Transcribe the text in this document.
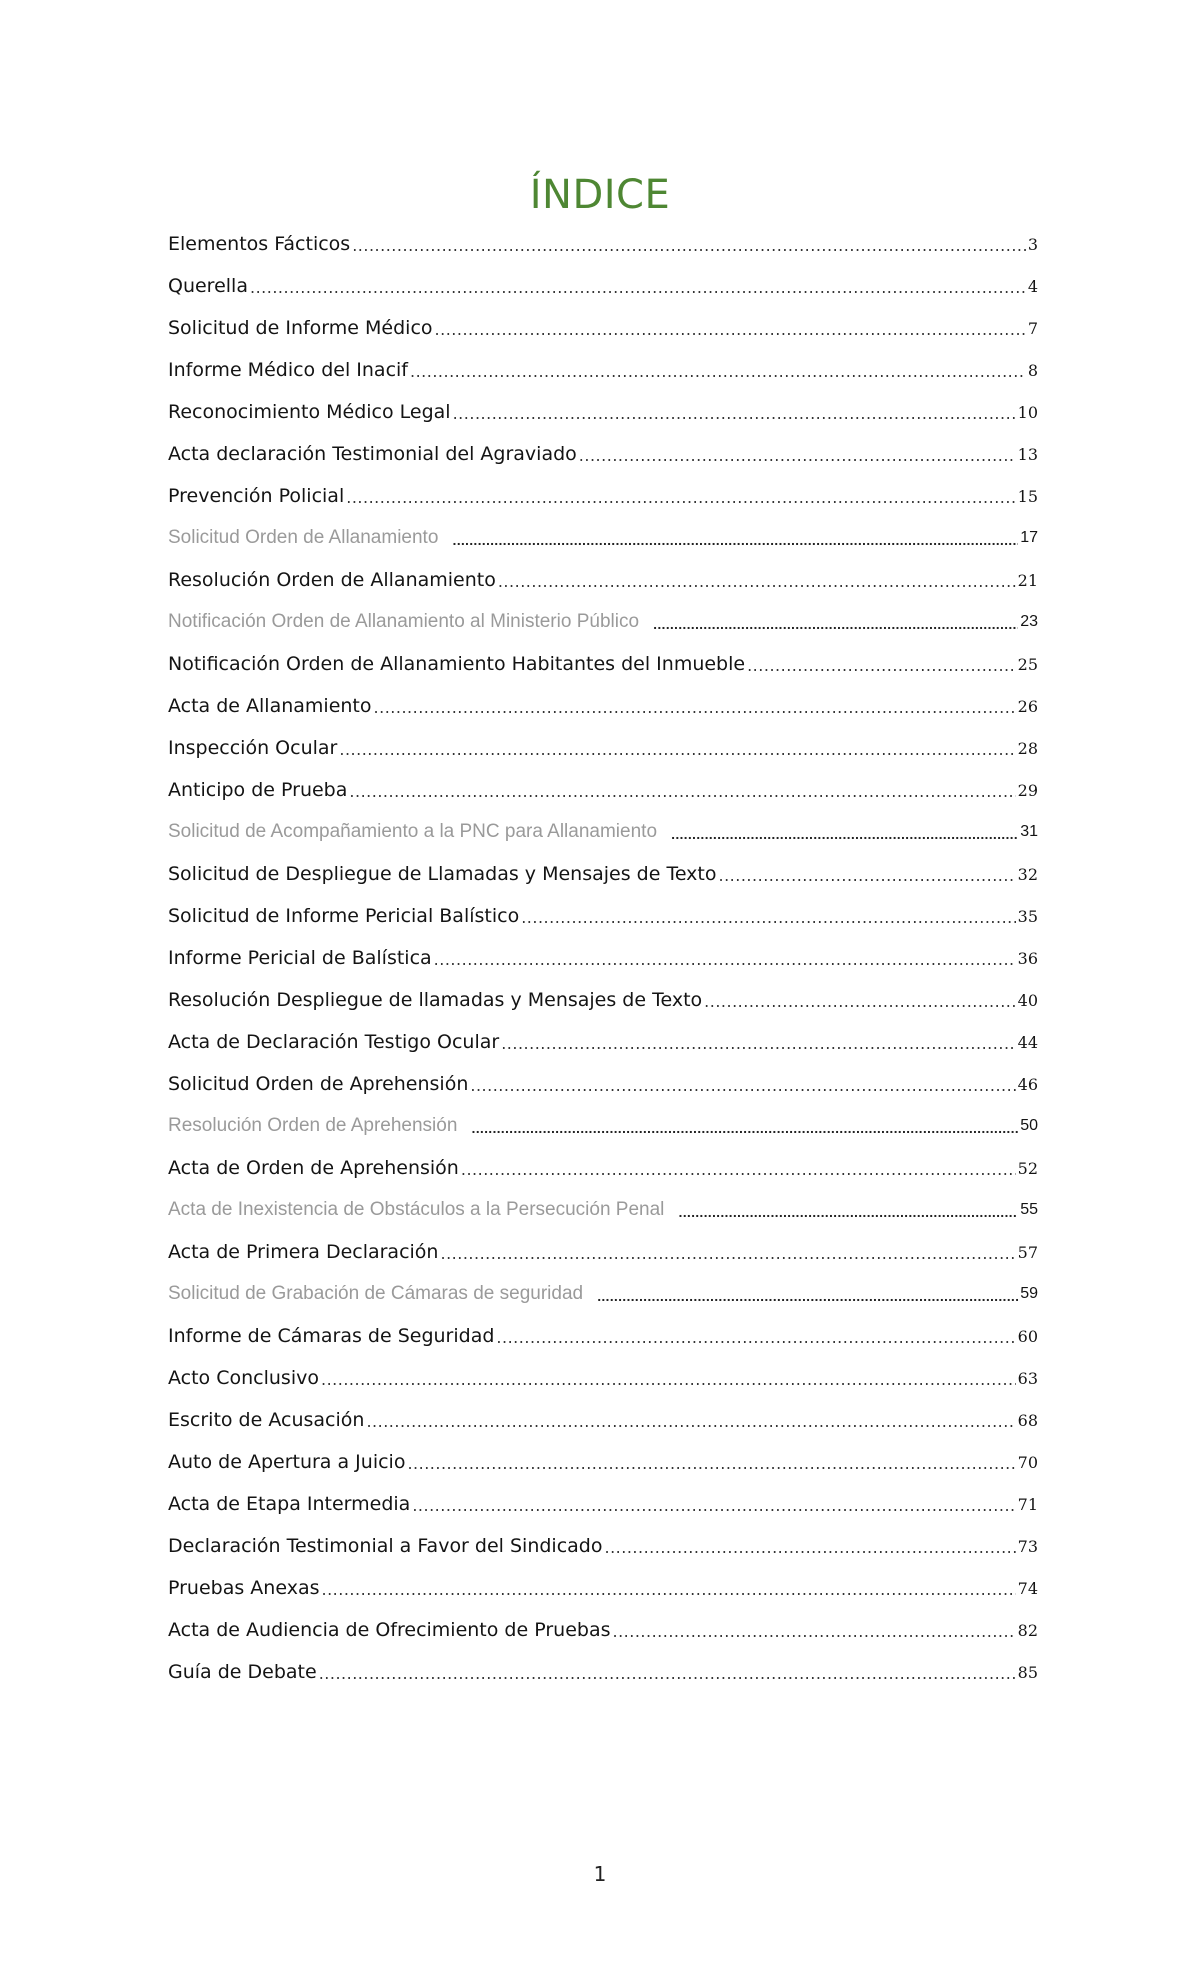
ÍNDICE
Elementos Fácticos .....	3
Querella .....	4
Solicitud de Informe Médico .....	7
Informe Médico del Inacif .....	8
Reconocimiento Médico Legal .....	10
Acta declaración Testimonial del Agraviado .....	13
Prevención Policial .....	15
Solicitud Orden de Allanamiento .....	17
Resolución Orden de Allanamiento .....	21
Notificación Orden de Allanamiento al Ministerio Público .....	23
Notificación Orden de Allanamiento Habitantes del Inmueble .....	25
Acta de Allanamiento .....	26
Inspección Ocular .....	28
Anticipo de Prueba .....	29
Solicitud de Acompañamiento a la PNC para Allanamiento .....	31
Solicitud de Despliegue de Llamadas y Mensajes de Texto .....	32
Solicitud de Informe Pericial Balístico .....	35
Informe Pericial de Balística .....	36
Resolución Despliegue de llamadas y Mensajes de Texto .....	40
Acta de Declaración Testigo Ocular .....	44
Solicitud Orden de Aprehensión .....	46
Resolución Orden de Aprehensión .....	50
Acta de Orden de Aprehensión .....	52
Acta de Inexistencia de Obstáculos a la Persecución Penal .....	55
Acta de Primera Declaración .....	57
Solicitud de Grabación de Cámaras de seguridad .....	59
Informe de Cámaras de Seguridad .....	60
Acto Conclusivo .....	63
Escrito de Acusación .....	68
Auto de Apertura a Juicio .....	70
Acta de Etapa Intermedia .....	71
Declaración Testimonial a Favor del Sindicado .....	73
Pruebas Anexas .....	74
Acta de Audiencia de Ofrecimiento de Pruebas .....	82
Guía de Debate .....	85
1
